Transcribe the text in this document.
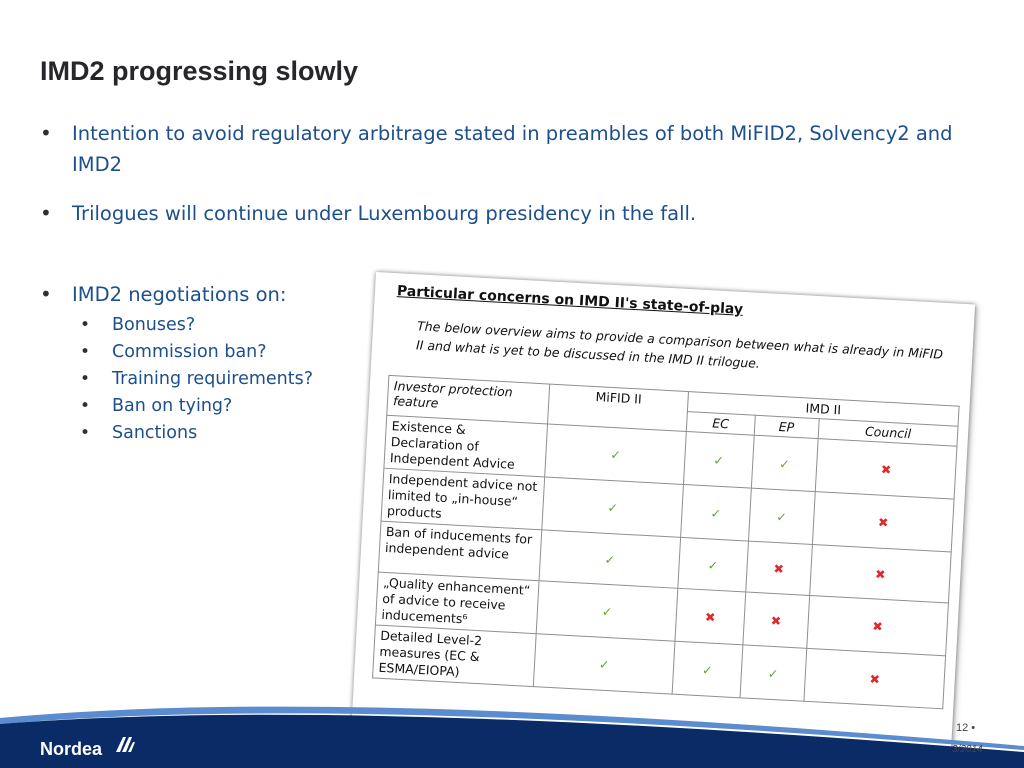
IMD2 progressing slowly
• Intention to avoid regulatory arbitrage stated in preambles of both MiFID2, Solvency2 and IMD2
• Trilogues will continue under Luxembourg presidency in the fall.
• IMD2 negotiations on:
• Bonuses?
• Commission ban?
• Training requirements?
• Ban on tying?
• Sanctions

Particular concerns on IMD II's state-of-play

The below overview aims to provide a comparison between what is already in MiFID II and what is yet to be discussed in the IMD II trilogue.

Investor protection feature	MiFID II	IMD II		
		EC	EP	Council
Existence & Declaration of Independent Advice	✓	✓	✓	✖
Independent advice not limited to „in-house“ products	✓	✓	✓	✖
Ban of inducements for independent advice	✓	✓	✖	✖
„Quality enhancement“ of advice to receive inducements⁶	✓	✖	✖	✖
Detailed Level-2 measures (EC & ESMA/EIOPA)	✓	✓	✓	✖
Nordea
12 •
3/2014
